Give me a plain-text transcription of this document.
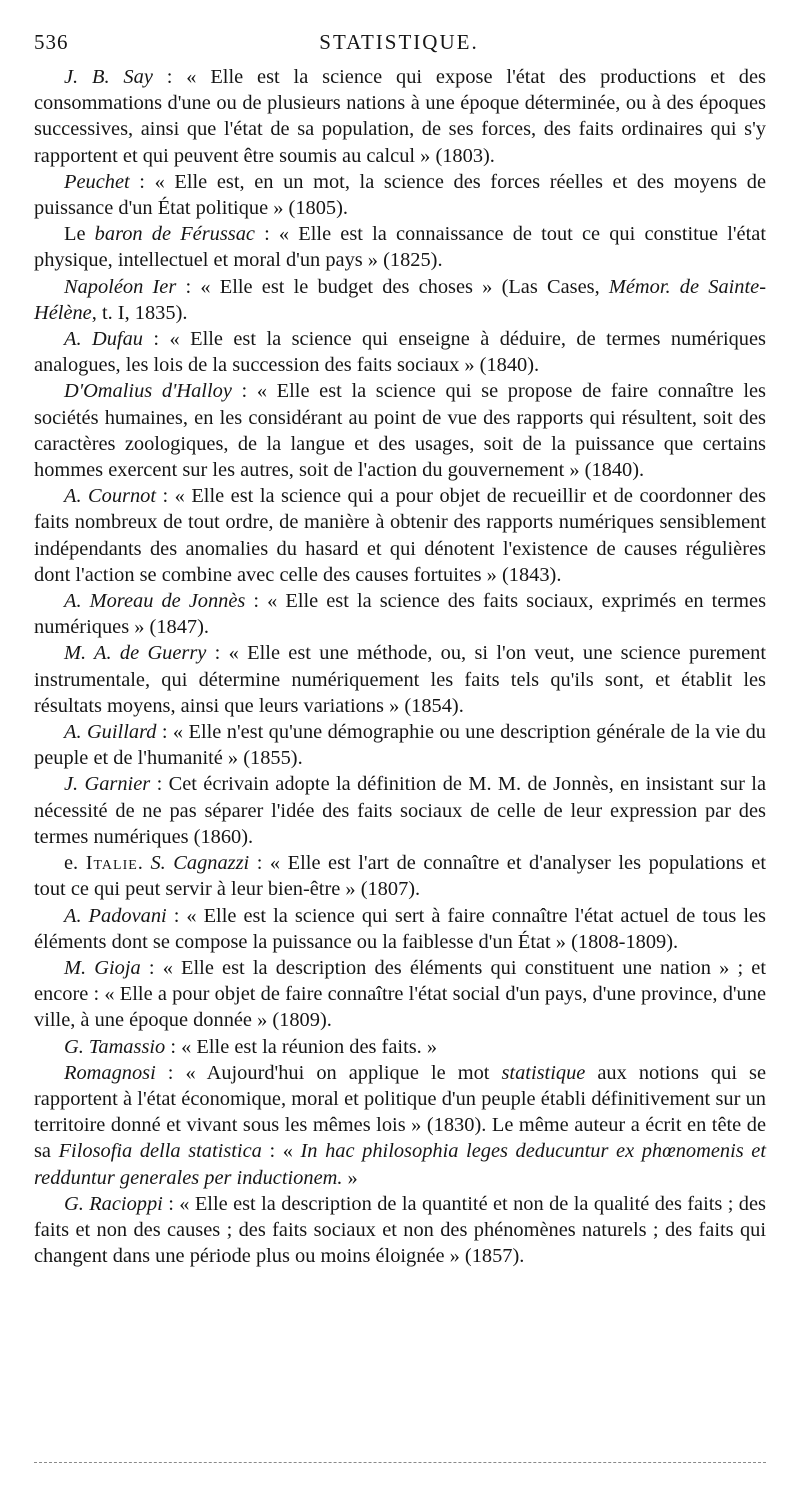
536	STATISTIQUE.

J. B. Say : « Elle est la science qui expose l'état des productions et des consommations d'une ou de plusieurs nations à une époque déterminée, ou à des époques successives, ainsi que l'état de sa population, de ses forces, des faits ordinaires qui s'y rapportent et qui peuvent être soumis au calcul » (1803).

Peuchet : « Elle est, en un mot, la science des forces réelles et des moyens de puissance d'un État politique » (1805).

Le baron de Férussac : « Elle est la connaissance de tout ce qui constitue l'état physique, intellectuel et moral d'un pays » (1825).

Napoléon Ier : « Elle est le budget des choses » (Las Cases, Mémor. de Sainte-Hélène, t. I, 1835).

A. Dufau : « Elle est la science qui enseigne à déduire, de termes numériques analogues, les lois de la succession des faits sociaux » (1840).

D'Omalius d'Halloy : « Elle est la science qui se propose de faire connaître les sociétés humaines, en les considérant au point de vue des rapports qui résultent, soit des caractères zoologiques, de la langue et des usages, soit de la puissance que certains hommes exercent sur les autres, soit de l'action du gouvernement » (1840).

A. Cournot : « Elle est la science qui a pour objet de recueillir et de coordonner des faits nombreux de tout ordre, de manière à obtenir des rapports numériques sensiblement indépendants des anomalies du hasard et qui dénotent l'existence de causes régulières dont l'action se combine avec celle des causes fortuites » (1843).

A. Moreau de Jonnès : « Elle est la science des faits sociaux, exprimés en termes numériques » (1847).

M. A. de Guerry : « Elle est une méthode, ou, si l'on veut, une science purement instrumentale, qui détermine numériquement les faits tels qu'ils sont, et établit les résultats moyens, ainsi que leurs variations » (1854).

A. Guillard : « Elle n'est qu'une démographie ou une description générale de la vie du peuple et de l'humanité » (1855).

J. Garnier : Cet écrivain adopte la définition de M. M. de Jonnès, en insistant sur la nécessité de ne pas séparer l'idée des faits sociaux de celle de leur expression par des termes numériques (1860).

e. Italie. S. Cagnazzi : « Elle est l'art de connaître et d'analyser les populations et tout ce qui peut servir à leur bien-être » (1807).

A. Padovani : « Elle est la science qui sert à faire connaître l'état actuel de tous les éléments dont se compose la puissance ou la faiblesse d'un État » (1808-1809).

M. Gioja : « Elle est la description des éléments qui constituent une nation » ; et encore : « Elle a pour objet de faire connaître l'état social d'un pays, d'une province, d'une ville, à une époque donnée » (1809).

G. Tamassio : « Elle est la réunion des faits. »

Romagnosi : « Aujourd'hui on applique le mot statistique aux notions qui se rapportent à l'état économique, moral et politique d'un peuple établi définitivement sur un territoire donné et vivant sous les mêmes lois » (1830). Le même auteur a écrit en tête de sa Filosofia della statistica : « In hac philosophia leges deducuntur ex phœnomenis et redduntur generales per inductionem. »

G. Racioppi : « Elle est la description de la quantité et non de la qualité des faits ; des faits et non des causes ; des faits sociaux et non des phénomènes naturels ; des faits qui changent dans une période plus ou moins éloignée » (1857).
